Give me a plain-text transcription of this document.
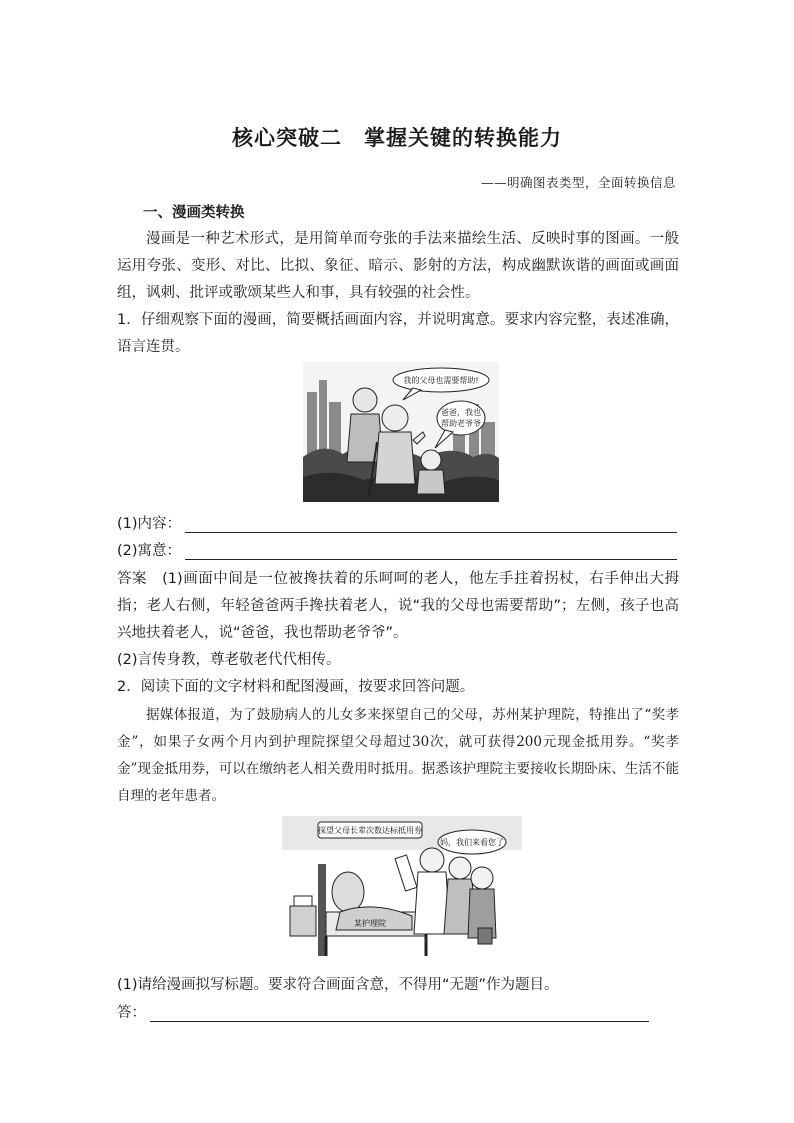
核心突破二　掌握关键的转换能力
——明确图表类型，全面转换信息
一、漫画类转换

漫画是一种艺术形式，是用简单而夸张的手法来描绘生活、反映时事的图画。一般运用夸张、变形、对比、比拟、象征、暗示、影射的方法，构成幽默诙谐的画面或画面组，讽刺、批评或歌颂某些人和事，具有较强的社会性。

1．仔细观察下面的漫画，简要概括画面内容，并说明寓意。要求内容完整，表述准确，语言连贯。

我的父母也需要帮助!
爸爸，我也
帮助老爷爷
(1)内容：
(2)寓意：

答案　(1)画面中间是一位被搀扶着的乐呵呵的老人，他左手拄着拐杖，右手伸出大拇指；老人右侧，年轻爸爸两手搀扶着老人，说“我的父母也需要帮助”；左侧，孩子也高兴地扶着老人，说“爸爸，我也帮助老爷爷”。

(2)言传身教，尊老敬老代代相传。

2．阅读下面的文字材料和配图漫画，按要求回答问题。

据媒体报道，为了鼓励病人的儿女多来探望自己的父母，苏州某护理院，特推出了“奖孝金”，如果子女两个月内到护理院探望父母超过30次，就可获得200元现金抵用券。“奖孝金”现金抵用券，可以在缴纳老人相关费用时抵用。据悉该护理院主要接收长期卧床、生活不能自理的老年患者。

探望父母长辈次数达标抵用券
妈，我们来看您了
某护理院

(1)请给漫画拟写标题。要求符合画面含意，不得用“无题”作为题目。

答：
